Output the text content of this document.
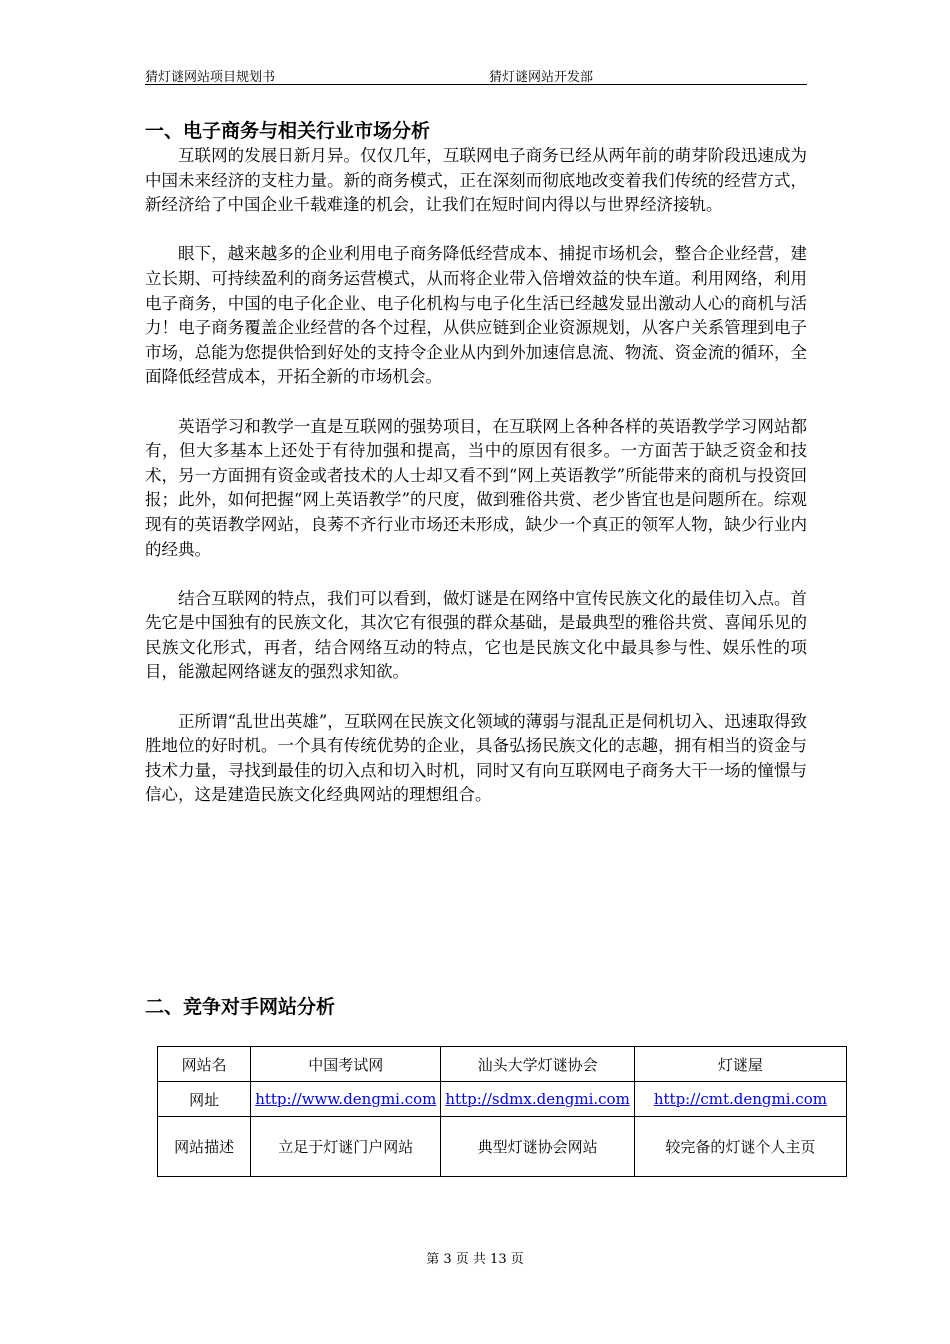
猜灯谜网站项目规划书	猜灯谜网站开发部
一、电子商务与相关行业市场分析

互联网的发展日新月异。仅仅几年，互联网电子商务已经从两年前的萌芽阶段迅速成为中国未来经济的支柱力量。新的商务模式，正在深刻而彻底地改变着我们传统的经营方式，新经济给了中国企业千载难逢的机会，让我们在短时间内得以与世界经济接轨。

眼下，越来越多的企业利用电子商务降低经营成本、捕捉市场机会，整合企业经营，建立长期、可持续盈利的商务运营模式，从而将企业带入倍增效益的快车道。利用网络，利用电子商务，中国的电子化企业、电子化机构与电子化生活已经越发显出激动人心的商机与活力！电子商务覆盖企业经营的各个过程，从供应链到企业资源规划，从客户关系管理到电子市场，总能为您提供恰到好处的支持令企业从内到外加速信息流、物流、资金流的循环，全面降低经营成本，开拓全新的市场机会。

英语学习和教学一直是互联网的强势项目，在互联网上各种各样的英语教学学习网站都有，但大多基本上还处于有待加强和提高，当中的原因有很多。一方面苦于缺乏资金和技术，另一方面拥有资金或者技术的人士却又看不到“网上英语教学”所能带来的商机与投资回报；此外，如何把握“网上英语教学”的尺度，做到雅俗共赏、老少皆宜也是问题所在。综观现有的英语教学网站，良莠不齐行业市场还未形成，缺少一个真正的领军人物，缺少行业内的经典。

结合互联网的特点，我们可以看到，做灯谜是在网络中宣传民族文化的最佳切入点。首先它是中国独有的民族文化，其次它有很强的群众基础，是最典型的雅俗共赏、喜闻乐见的民族文化形式，再者，结合网络互动的特点，它也是民族文化中最具参与性、娱乐性的项目，能激起网络谜友的强烈求知欲。

正所谓“乱世出英雄”，互联网在民族文化领域的薄弱与混乱正是伺机切入、迅速取得致胜地位的好时机。一个具有传统优势的企业，具备弘扬民族文化的志趣，拥有相当的资金与技术力量，寻找到最佳的切入点和切入时机，同时又有向互联网电子商务大干一场的憧憬与信心，这是建造民族文化经典网站的理想组合。

二、竞争对手网站分析
网站名	中国考试网	汕头大学灯谜协会	灯谜屋
网址	http://www.dengmi.com	http://sdmx.dengmi.com	http://cmt.dengmi.com
网站描述	立足于灯谜门户网站	典型灯谜协会网站	较完备的灯谜个人主页
第 3 页 共 13 页
